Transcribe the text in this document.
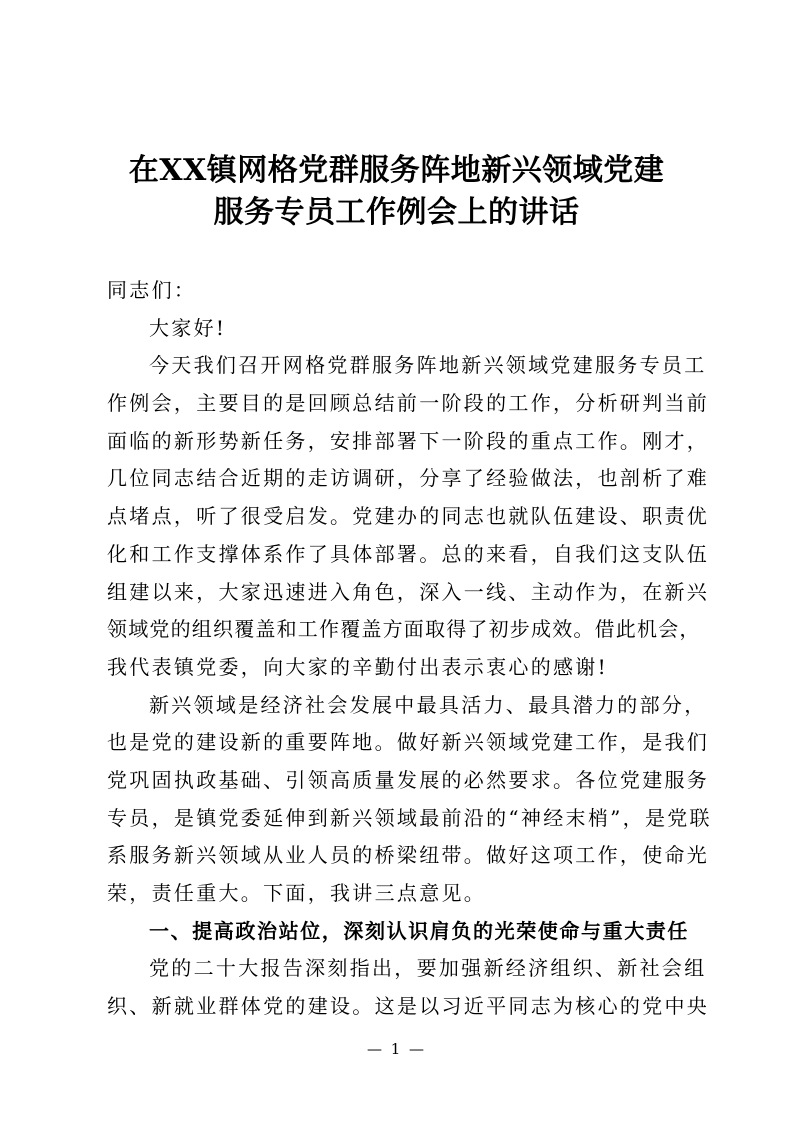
在XX镇网格党群服务阵地新兴领域党建
服务专员工作例会上的讲话
同志们：
大家好!
今天我们召开网格党群服务阵地新兴领域党建服务专员工
作例会，主要目的是回顾总结前一阶段的工作，分析研判当前
面临的新形势新任务，安排部署下一阶段的重点工作。刚才，
几位同志结合近期的走访调研，分享了经验做法，也剖析了难
点堵点，听了很受启发。党建办的同志也就队伍建设、职责优
化和工作支撑体系作了具体部署。总的来看，自我们这支队伍
组建以来，大家迅速进入角色，深入一线、主动作为，在新兴
领域党的组织覆盖和工作覆盖方面取得了初步成效。借此机会，
我代表镇党委，向大家的辛勤付出表示衷心的感谢!
新兴领域是经济社会发展中最具活力、最具潜力的部分，
也是党的建设新的重要阵地。做好新兴领域党建工作，是我们
党巩固执政基础、引领高质量发展的必然要求。各位党建服务
专员，是镇党委延伸到新兴领域最前沿的“神经末梢”，是党联
系服务新兴领域从业人员的桥梁纽带。做好这项工作，使命光
荣，责任重大。下面，我讲三点意见。
一、提高政治站位，深刻认识肩负的光荣使命与重大责任
党的二十大报告深刻指出，要加强新经济组织、新社会组
织、新就业群体党的建设。这是以习近平同志为核心的党中央
— 1 —
